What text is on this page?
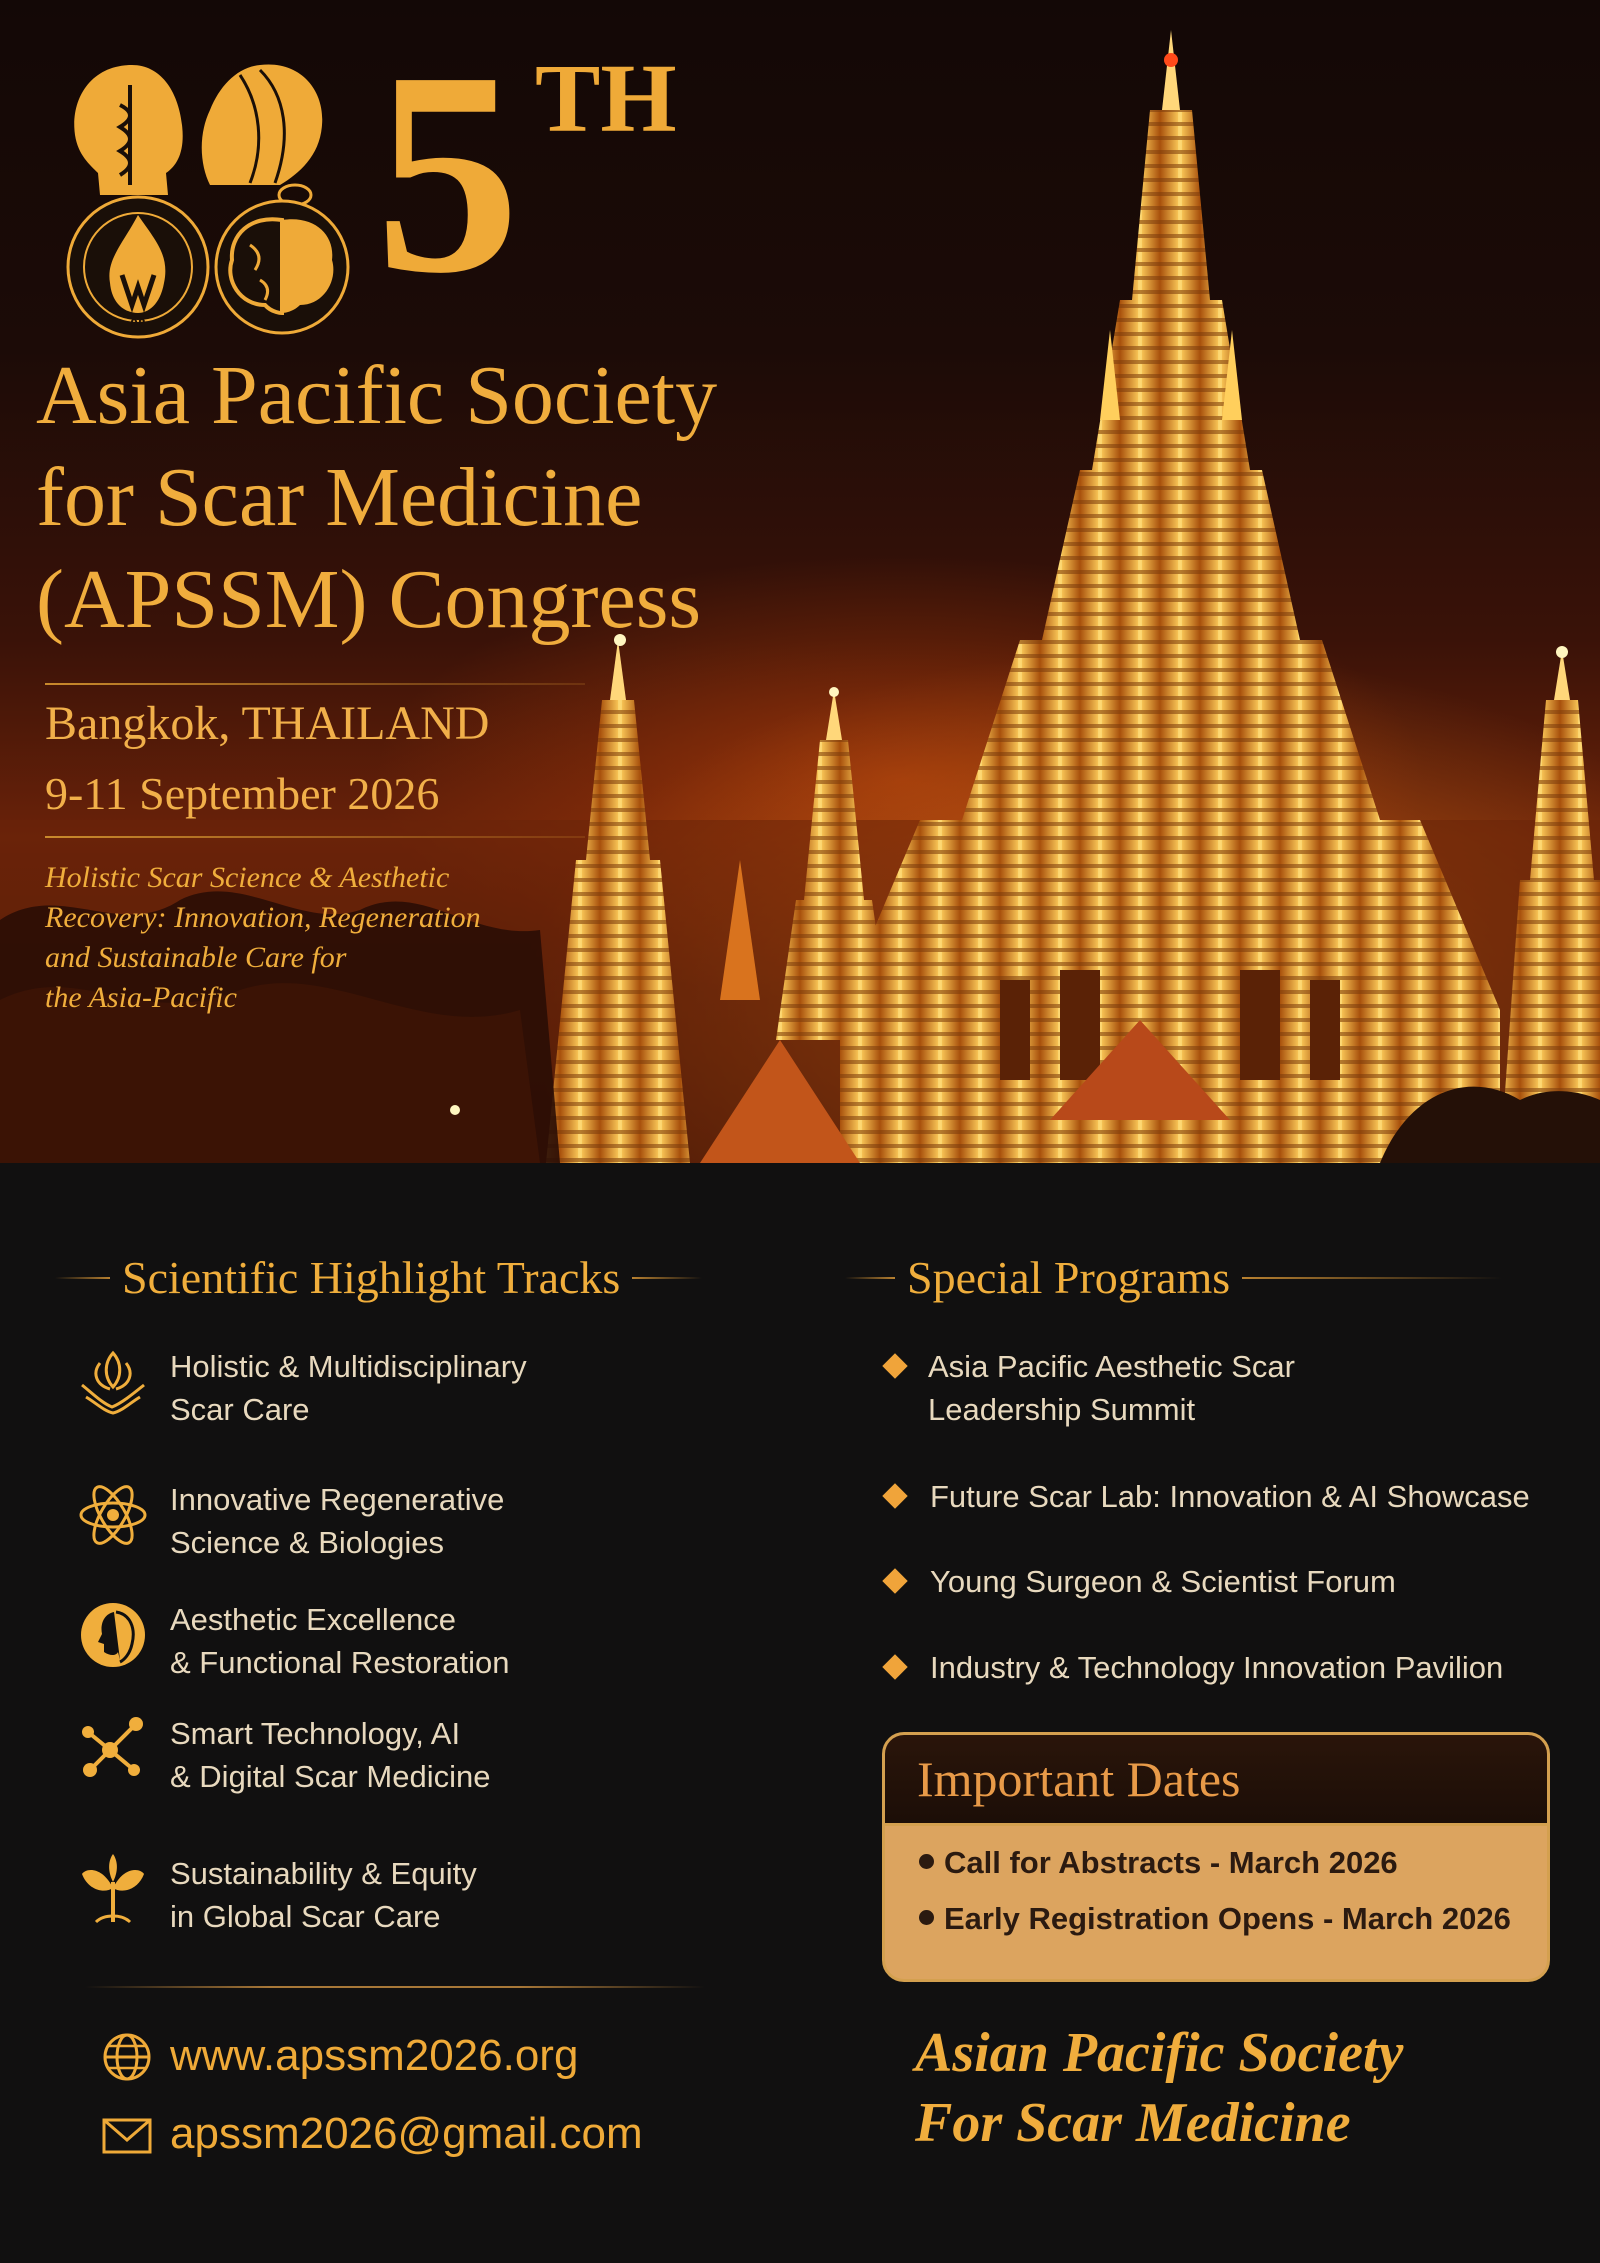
98 5 TH
Asia Pacific Society
for Scar Medicine
(APSSM) Congress
Bangkok, THAILAND
9-11 September 2026
Holistic Scar Science & Aesthetic
Recovery: Innovation, Regeneration
and Sustainable Care for
the Asia-Pacific
Scientific Highlight Tracks
Holistic & Multidisciplinary
Scar Care
Innovative Regenerative
Science & Biologies
Aesthetic Excellence
& Functional Restoration
Smart Technology, AI
& Digital Scar Medicine
Sustainability & Equity
in Global Scar Care
Special Programs
Asia Pacific Aesthetic Scar
Leadership Summit
Future Scar Lab: Innovation & AI Showcase
Young Surgeon & Scientist Forum
Industry & Technology Innovation Pavilion
Important Dates
Call for Abstracts - March 2026
Early Registration Opens - March 2026
www.apssm2026.org
apssm2026@gmail.com
Asian Pacific Society
For Scar Medicine
